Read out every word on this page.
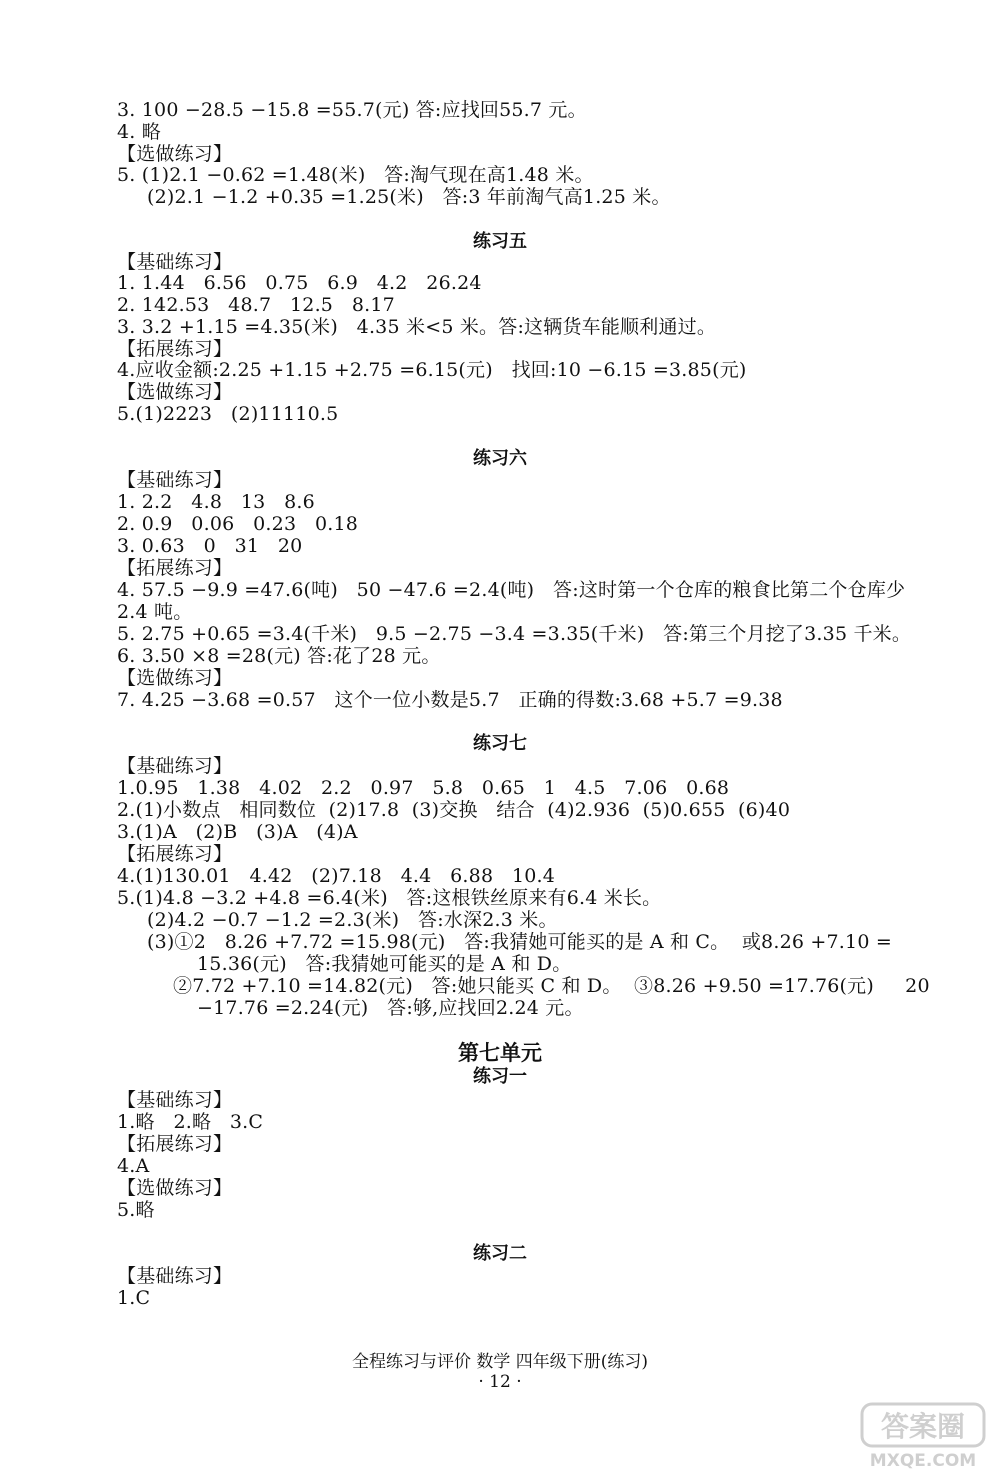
3. 100 −28.5 −15.8 =55.7(元) 答:应找回55.7 元。
4. 略
【选做练习】
5. (1)2.1 −0.62 =1.48(米)   答:淘气现在高1.48 米。
(2)2.1 −1.2 +0.35 =1.25(米)   答:3 年前淘气高1.25 米。
练习五
【基础练习】
1. 1.44   6.56   0.75   6.9   4.2   26.24
2. 142.53   48.7   12.5   8.17
3. 3.2 +1.15 =4.35(米)   4.35 米<5 米。答:这辆货车能顺利通过。
【拓展练习】
4.应收金额:2.25 +1.15 +2.75 =6.15(元)   找回:10 −6.15 =3.85(元)
【选做练习】
5.(1)2223   (2)11110.5
练习六
【基础练习】
1. 2.2   4.8   13   8.6
2. 0.9   0.06   0.23   0.18
3. 0.63   0   31   20
【拓展练习】
4. 57.5 −9.9 =47.6(吨)   50 −47.6 =2.4(吨)   答:这时第一个仓库的粮食比第二个仓库少
2.4 吨。
5. 2.75 +0.65 =3.4(千米)   9.5 −2.75 −3.4 =3.35(千米)   答:第三个月挖了3.35 千米。
6. 3.50 ×8 =28(元) 答:花了28 元。
【选做练习】
7. 4.25 −3.68 =0.57   这个一位小数是5.7   正确的得数:3.68 +5.7 =9.38
练习七
【基础练习】
1.0.95   1.38   4.02   2.2   0.97   5.8   0.65   1   4.5   7.06   0.68
2.(1)小数点   相同数位  (2)17.8  (3)交换   结合  (4)2.936  (5)0.655  (6)40
3.(1)A   (2)B   (3)A   (4)A
【拓展练习】
4.(1)130.01   4.42   (2)7.18   4.4   6.88   10.4
5.(1)4.8 −3.2 +4.8 =6.4(米)   答:这根铁丝原来有6.4 米长。
(2)4.2 −0.7 −1.2 =2.3(米)   答:水深2.3 米。
(3)①2   8.26 +7.72 =15.98(元)   答:我猜她可能买的是 A 和 C。  或8.26 +7.10 =
15.36(元)   答:我猜她可能买的是 A 和 D。
②7.72 +7.10 =14.82(元)   答:她只能买 C 和 D。  ③8.26 +9.50 =17.76(元)     20
−17.76 =2.24(元)   答:够,应找回2.24 元。
第七单元
练习一
【基础练习】
1.略   2.略   3.C
【拓展练习】
4.A
【选做练习】
5.略
练习二
【基础练习】
1.C
全程练习与评价 数学 四年级下册(练习)
· 12 ·
答案圈
MXQE.COM
